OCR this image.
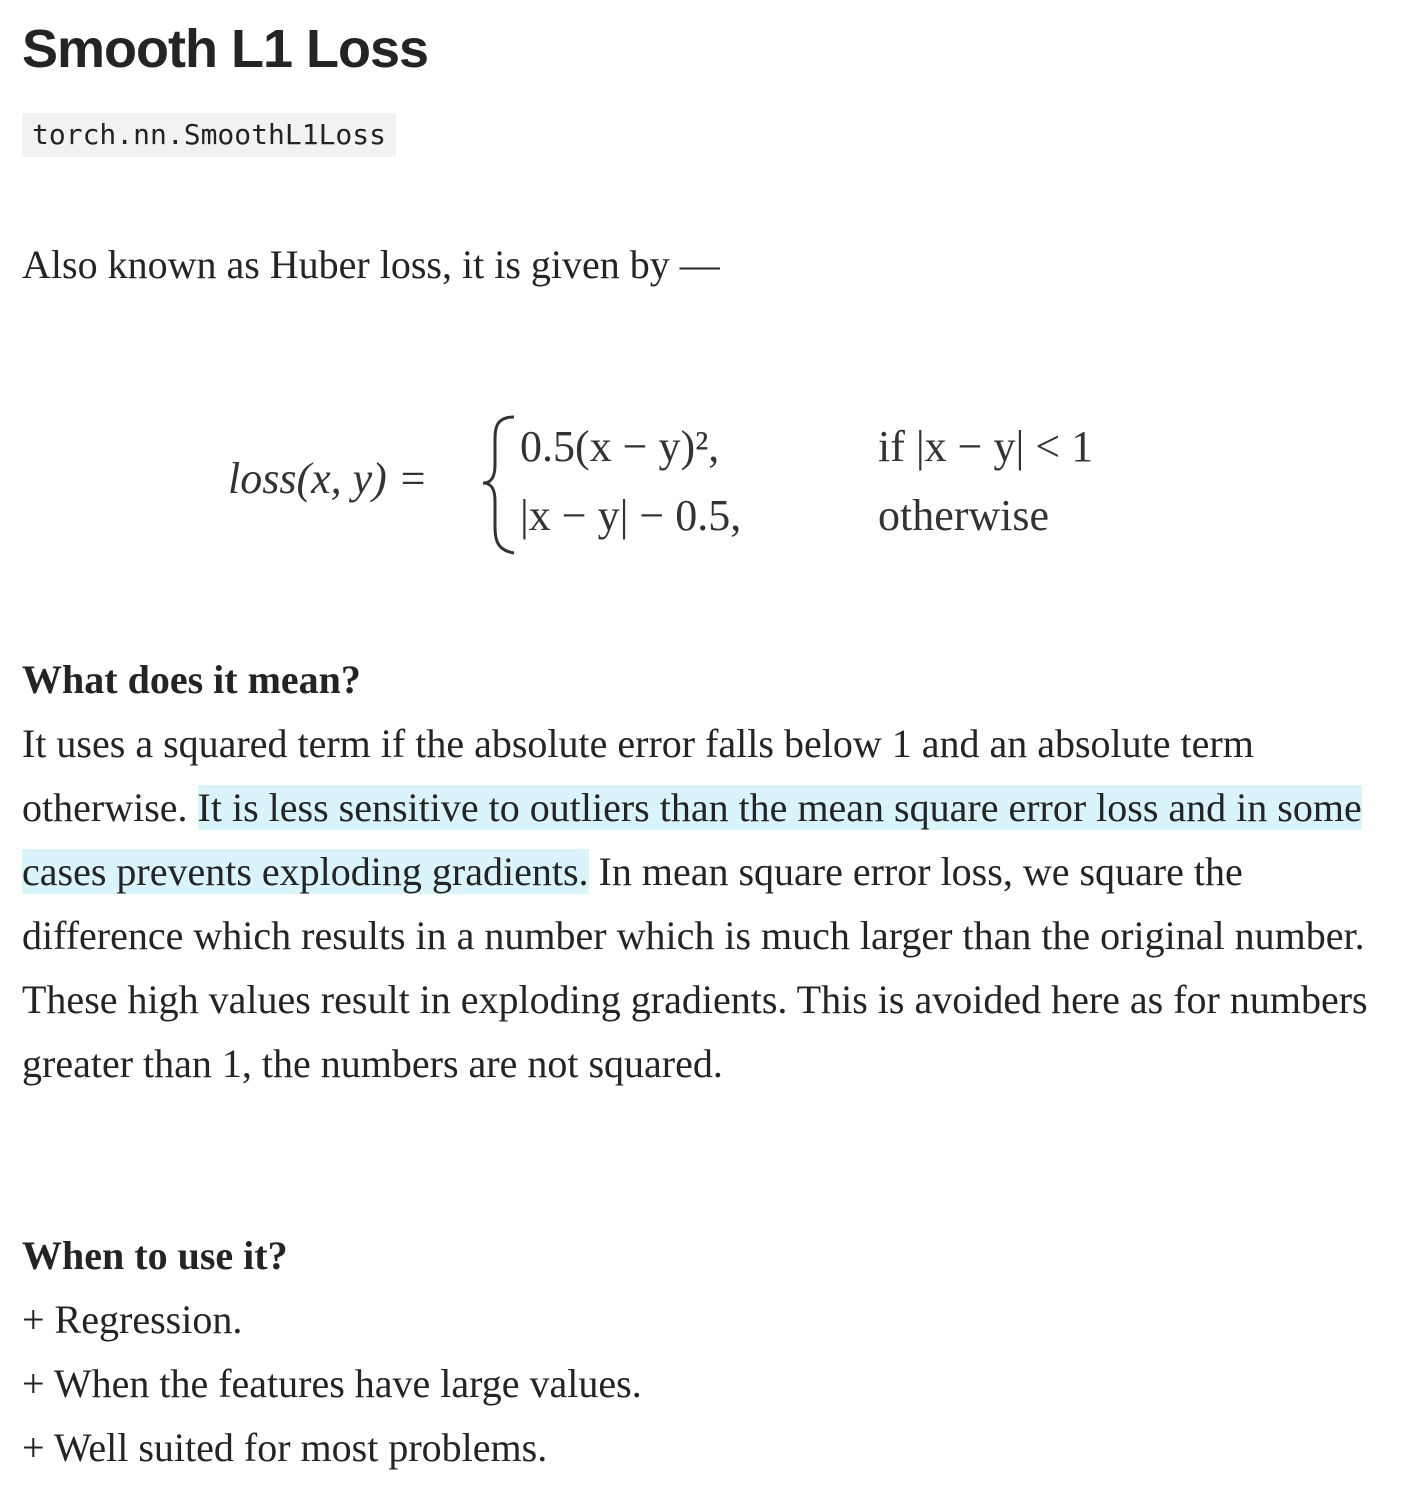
Smooth L1 Loss
torch.nn.SmoothL1Loss

Also known as Huber loss, it is given by —

loss(x, y) =
0.5(x − y)²,	if |x − y| < 1
|x − y| − 0.5,	otherwise
What does it mean?

It uses a squared term if the absolute error falls below 1 and an absolute term otherwise. It is less sensitive to outliers than the mean square error loss and in some cases prevents exploding gradients. In mean square error loss, we square the difference which results in a number which is much larger than the original number. These high values result in exploding gradients. This is avoided here as for numbers greater than 1, the numbers are not squared.

When to use it?
+ Regression.
+ When the features have large values.
+ Well suited for most problems.
